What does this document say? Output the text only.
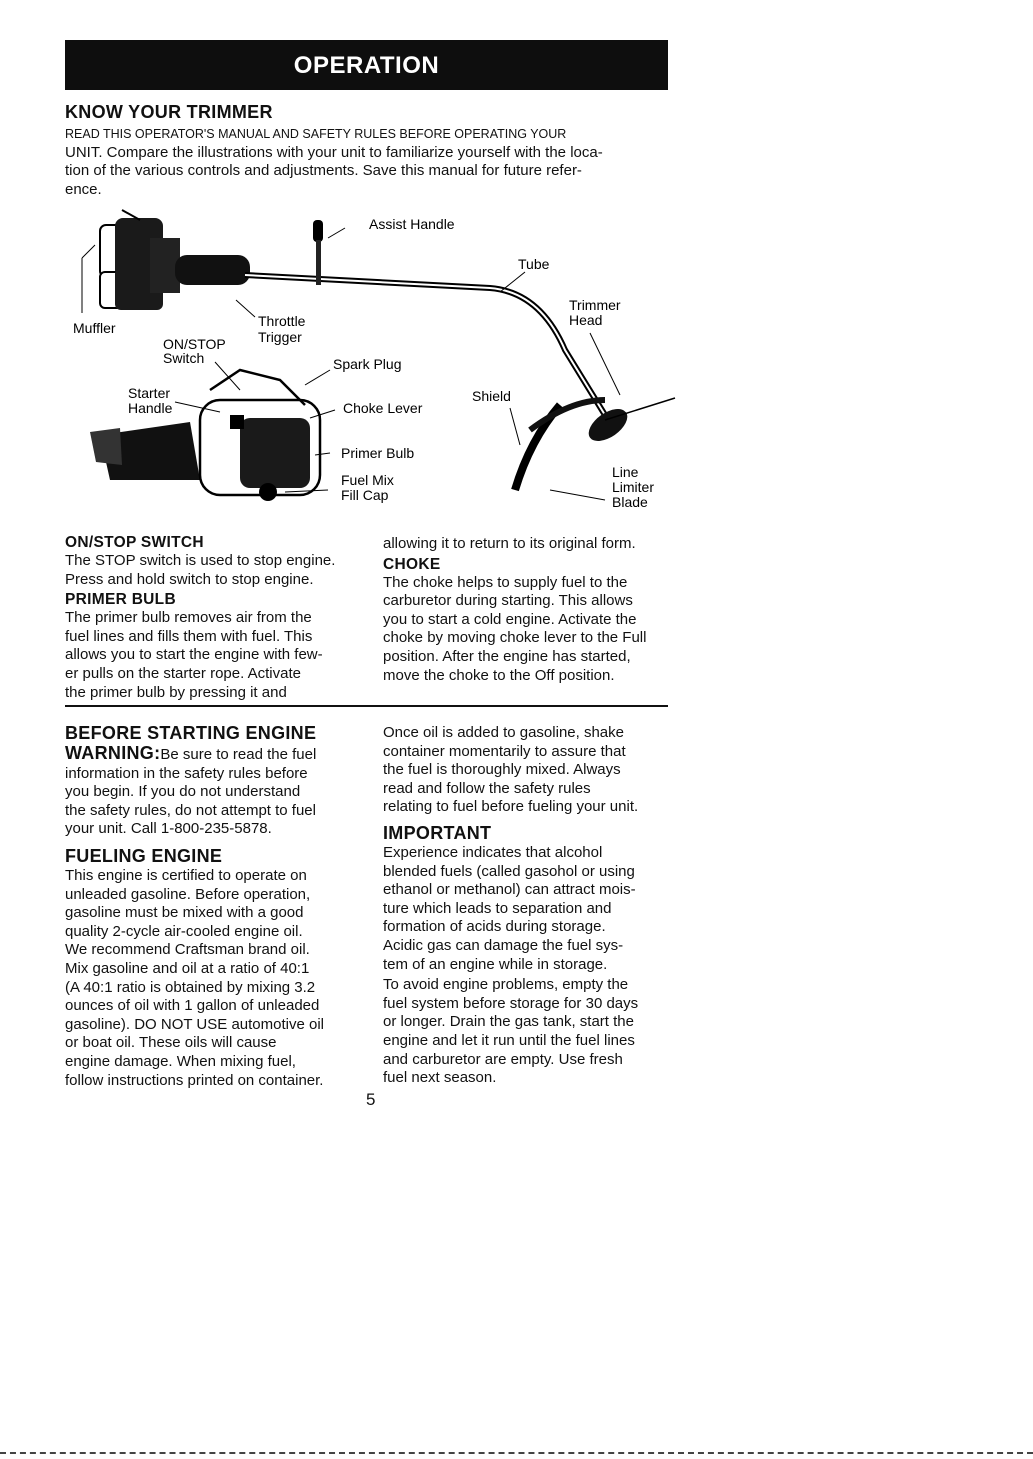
OPERATION
KNOW YOUR TRIMMER

READ THIS OPERATOR'S MANUAL AND SAFETY RULES BEFORE OPERATING YOUR

UNIT. Compare the illustrations with your unit to familiarize yourself with the loca-

tion of the various controls and adjustments. Save this manual for future refer-

ence.

Assist Handle
Tube
Trimmer
Head
Muffler	Throttle
Trigger
ON/STOP
Switch	Spark Plug
Starter
Handle	Choke Lever
Shield
Primer Bulb
Fuel Mix
Fill Cap
Line
Limiter
Blade
ON/STOP SWITCH

The STOP switch is used to stop engine.

Press and hold switch to stop engine.

PRIMER BULB

The primer bulb removes air from the

fuel lines and fills them with fuel. This

allows you to start the engine with few-

er pulls on the starter rope. Activate

the primer bulb by pressing it and

allowing it to return to its original form.
CHOKE

The choke helps to supply fuel to the

carburetor during starting. This allows

you to start a cold engine. Activate the

choke by moving choke lever to the Full

position. After the engine has started,

move the choke to the Off position.

BEFORE STARTING ENGINE

WARNING:Be sure to read the fuel

information in the safety rules before

you begin. If you do not understand

the safety rules, do not attempt to fuel

your unit. Call 1-800-235-5878.

FUELING ENGINE

This engine is certified to operate on

unleaded gasoline. Before operation,

gasoline must be mixed with a good

quality 2-cycle air-cooled engine oil.

We recommend Craftsman brand oil.

Mix gasoline and oil at a ratio of 40:1

(A 40:1 ratio is obtained by mixing 3.2

ounces of oil with 1 gallon of unleaded

gasoline). DO NOT USE automotive oil

or boat oil. These oils will cause

engine damage. When mixing fuel,

follow instructions printed on container.

Once oil is added to gasoline, shake

container momentarily to assure that

the fuel is thoroughly mixed. Always

read and follow the safety rules

relating to fuel before fueling your unit.

IMPORTANT

Experience indicates that alcohol

blended fuels (called gasohol or using

ethanol or methanol) can attract mois-

ture which leads to separation and

formation of acids during storage.

Acidic gas can damage the fuel sys-

tem of an engine while in storage.

To avoid engine problems, empty the

fuel system before storage for 30 days

or longer. Drain the gas tank, start the

engine and let it run until the fuel lines

and carburetor are empty. Use fresh

fuel next season.

5
